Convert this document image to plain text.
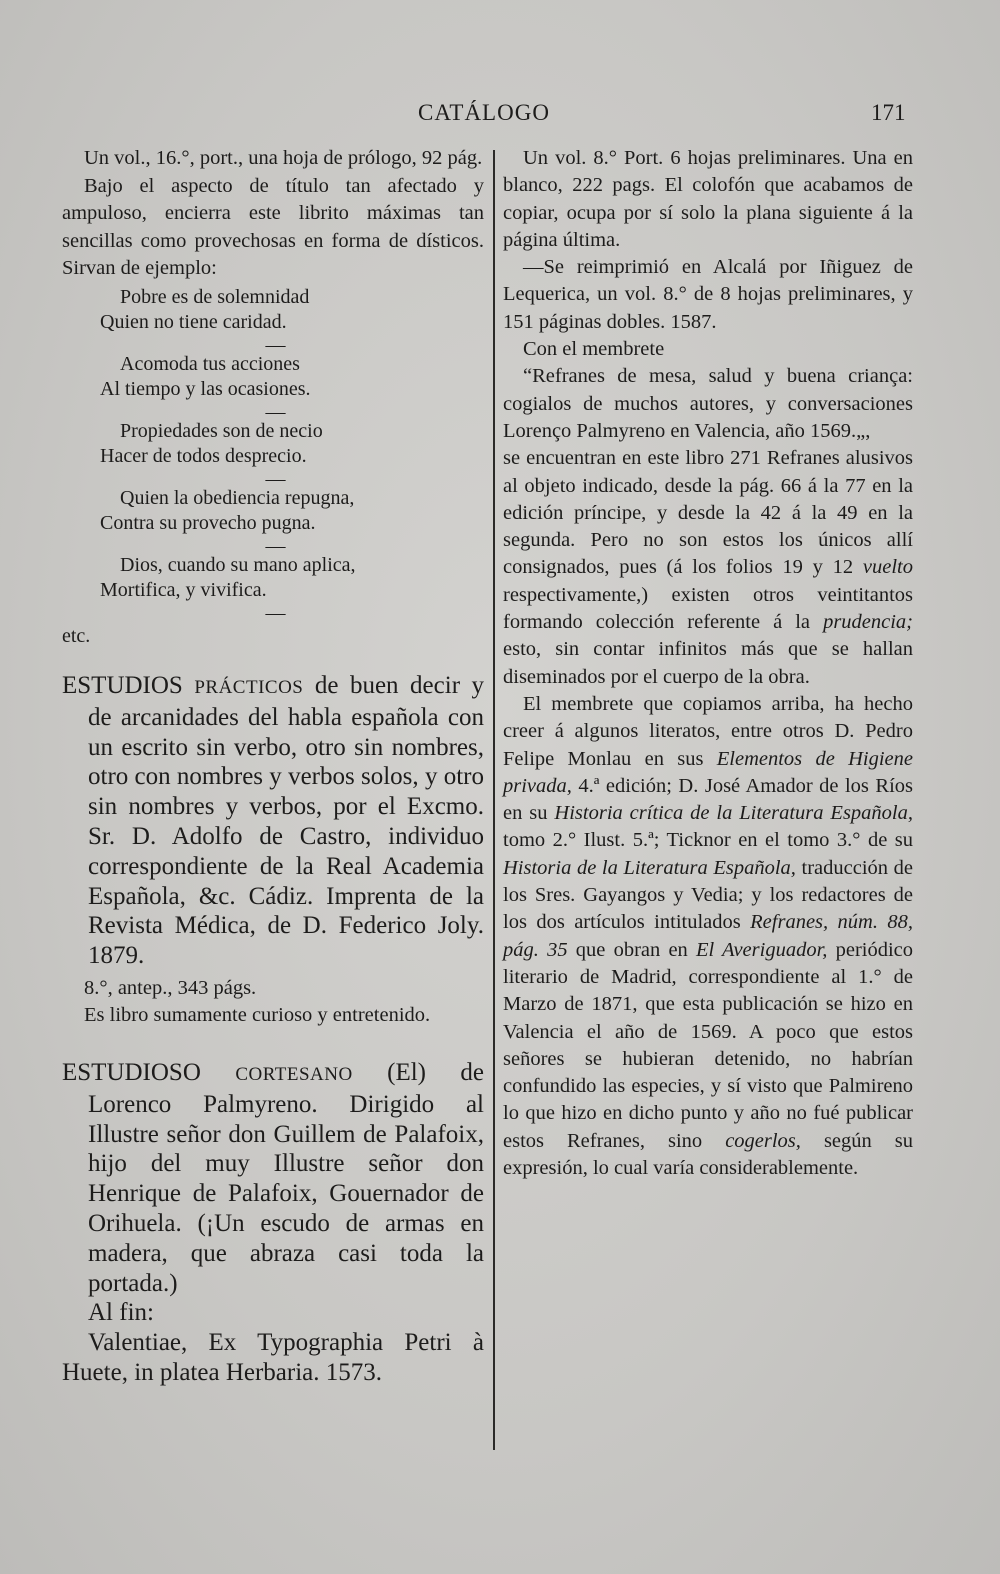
CATÁLOGO	171

Un vol., 16.°, port., una hoja de prólogo, 92 pág.

Bajo el aspecto de título tan afectado y ampuloso, encierra este librito máximas tan sencillas como provechosas en forma de dísticos. Sirvan de ejemplo:

Pobre es de solemnidad
Quien no tiene caridad.
—
Acomoda tus acciones
Al tiempo y las ocasiones.
—
Propiedades son de necio
Hacer de todos desprecio.
—
Quien la obediencia repugna,
Contra su provecho pugna.
—
Dios, cuando su mano aplica,
Mortifica, y vivifica.
—
etc.

ESTUDIOS PRÁCTICOS de buen decir y de arcanidades del habla española con un escrito sin verbo, otro sin nombres, otro con nombres y verbos solos, y otro sin nombres y verbos, por el Excmo. Sr. D. Adolfo de Castro, individuo correspondiente de la Real Academia Española, &c. Cádiz. Imprenta de la Revista Médica, de D. Federico Joly. 1879.

8.°, antep., 343 págs.

Es libro sumamente curioso y entretenido.

ESTUDIOSO CORTESANO (El) de Lorenco Palmyreno. Dirigido al Illustre señor don Guillem de Palafoix, hijo del muy Illustre señor don Henrique de Palafoix, Gouernador de Orihuela. (¡Un escudo de armas en madera, que abraza casi toda la portada.)

Al fin:

Valentiae, Ex Typographia Petri à Huete, in platea Herbaria. 1573.

Un vol. 8.° Port. 6 hojas preliminares. Una en blanco, 222 pags. El colofón que acabamos de copiar, ocupa por sí solo la plana siguiente á la página última.

—Se reimprimió en Alcalá por Iñiguez de Lequerica, un vol. 8.° de 8 hojas preliminares, y 151 páginas dobles. 1587.

Con el membrete

“Refranes de mesa, salud y buena criança: cogialos de muchos autores, y conversaciones Lorenço Palmyreno en Valencia, año 1569.„,

se encuentran en este libro 271 Refranes alusivos al objeto indicado, desde la pág. 66 á la 77 en la edición príncipe, y desde la 42 á la 49 en la segunda. Pero no son estos los únicos allí consignados, pues (á los folios 19 y 12 vuelto respectivamente,) existen otros veintitantos formando colección referente á la prudencia; esto, sin contar infinitos más que se hallan diseminados por el cuerpo de la obra.

El membrete que copiamos arriba, ha hecho creer á algunos literatos, entre otros D. Pedro Felipe Monlau en sus Elementos de Higiene privada, 4.ª edición; D. José Amador de los Ríos en su Historia crítica de la Literatura Española, tomo 2.° Ilust. 5.ª; Ticknor en el tomo 3.° de su Historia de la Literatura Española, traducción de los Sres. Gayangos y Vedia; y los redactores de los dos artículos intitulados Refranes, núm. 88, pág. 35 que obran en El Averiguador, periódico literario de Madrid, correspondiente al 1.° de Marzo de 1871, que esta publicación se hizo en Valencia el año de 1569. A poco que estos señores se hubieran detenido, no habrían confundido las especies, y sí visto que Palmireno lo que hizo en dicho punto y año no fué publicar estos Refranes, sino cogerlos, según su expresión, lo cual varía considerablemente.
